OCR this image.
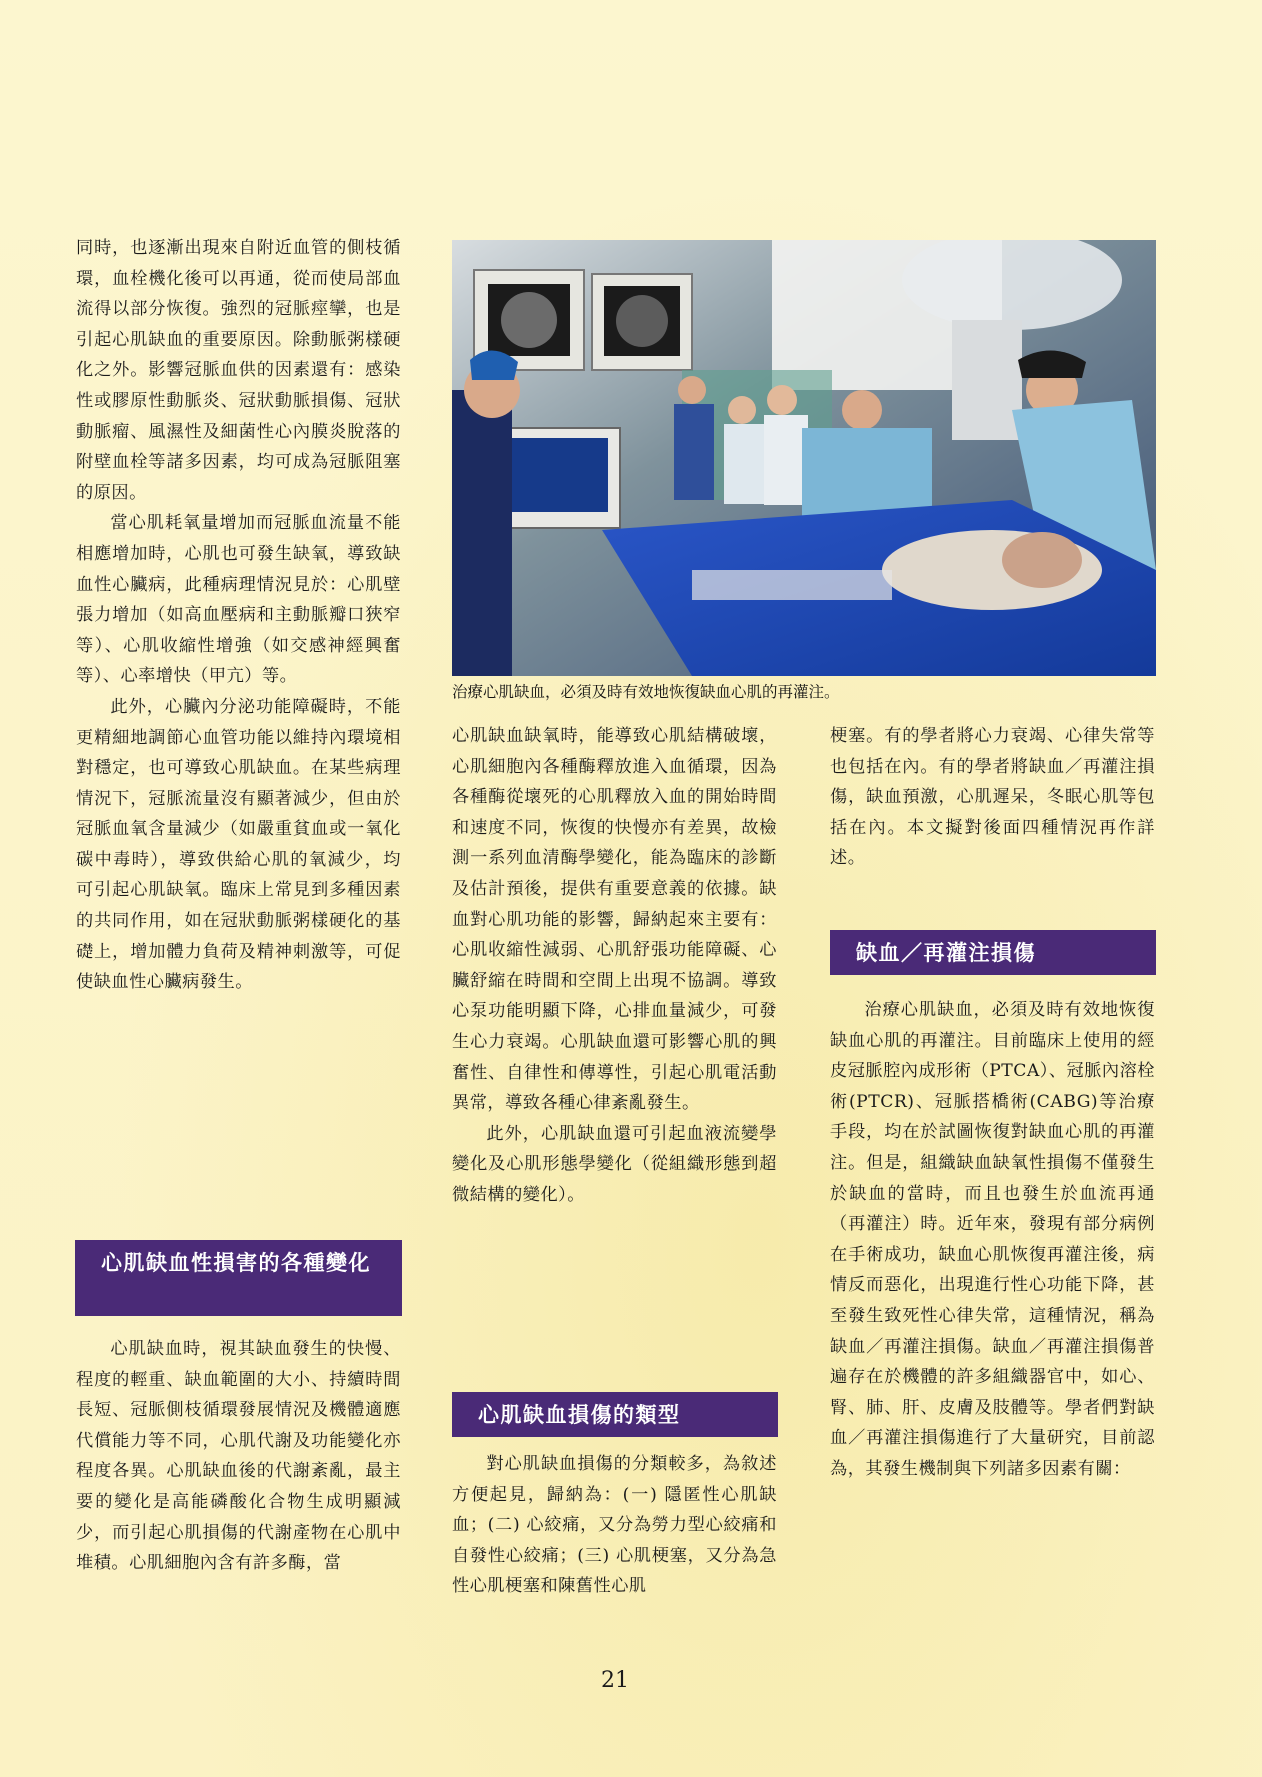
同時，也逐漸出現來自附近血管的側枝循環，血栓機化後可以再通，從而使局部血流得以部分恢復。強烈的冠脈痙攣，也是引起心肌缺血的重要原因。除動脈粥樣硬化之外。影響冠脈血供的因素還有：感染性或膠原性動脈炎、冠狀動脈損傷、冠狀動脈瘤、風濕性及細菌性心內膜炎脫落的附壁血栓等諸多因素，均可成為冠脈阻塞的原因。

當心肌耗氧量增加而冠脈血流量不能相應增加時，心肌也可發生缺氧，導致缺血性心臟病，此種病理情況見於：心肌壁張力增加（如高血壓病和主動脈瓣口狹窄等）、心肌收縮性增強（如交感神經興奮等）、心率增快（甲亢）等。

此外，心臟內分泌功能障礙時，不能更精細地調節心血管功能以維持內環境相對穩定，也可導致心肌缺血。在某些病理情況下，冠脈流量沒有顯著減少，但由於冠脈血氧含量減少（如嚴重貧血或一氧化碳中毒時），導致供給心肌的氧減少，均可引起心肌缺氧。臨床上常見到多種因素的共同作用，如在冠狀動脈粥樣硬化的基礎上，增加體力負荷及精神刺激等，可促使缺血性心臟病發生。

心肌缺血性損害的各種變化

心肌缺血時，視其缺血發生的快慢、程度的輕重、缺血範圍的大小、持續時間長短、冠脈側枝循環發展情況及機體適應代償能力等不同，心肌代謝及功能變化亦程度各異。心肌缺血後的代謝紊亂，最主要的變化是高能磷酸化合物生成明顯減少，而引起心肌損傷的代謝產物在心肌中堆積。心肌細胞內含有許多酶，當

治療心肌缺血，必須及時有效地恢復缺血心肌的再灌注。

心肌缺血缺氧時，能導致心肌結構破壞，心肌細胞內各種酶釋放進入血循環，因為各種酶從壞死的心肌釋放入血的開始時間和速度不同，恢復的快慢亦有差異，故檢測一系列血清酶學變化，能為臨床的診斷及估計預後，提供有重要意義的依據。缺血對心肌功能的影響，歸納起來主要有：心肌收縮性減弱、心肌舒張功能障礙、心臟舒縮在時間和空間上出現不協調。導致心泵功能明顯下降，心排血量減少，可發生心力衰竭。心肌缺血還可影響心肌的興奮性、自律性和傳導性，引起心肌電活動異常，導致各種心律紊亂發生。

此外，心肌缺血還可引起血液流變學變化及心肌形態學變化（從組織形態到超微結構的變化）。

心肌缺血損傷的類型

對心肌缺血損傷的分類較多，為敘述方便起見，歸納為：(一) 隱匿性心肌缺血；(二) 心絞痛，又分為勞力型心絞痛和自發性心絞痛；(三) 心肌梗塞，又分為急性心肌梗塞和陳舊性心肌

梗塞。有的學者將心力衰竭、心律失常等也包括在內。有的學者將缺血／再灌注損傷，缺血預激，心肌遲呆，冬眠心肌等包括在內。本文擬對後面四種情況再作詳述。

缺血／再灌注損傷

治療心肌缺血，必須及時有效地恢復缺血心肌的再灌注。目前臨床上使用的經皮冠脈腔內成形術（PTCA）、冠脈內溶栓術(PTCR)、冠脈搭橋術(CABG)等治療手段，均在於試圖恢復對缺血心肌的再灌注。但是，組織缺血缺氧性損傷不僅發生於缺血的當時，而且也發生於血流再通（再灌注）時。近年來，發現有部分病例在手術成功，缺血心肌恢復再灌注後，病情反而惡化，出現進行性心功能下降，甚至發生致死性心律失常，這種情況，稱為缺血／再灌注損傷。缺血／再灌注損傷普遍存在於機體的許多組織器官中，如心、腎、肺、肝、皮膚及肢體等。學者們對缺血／再灌注損傷進行了大量研究，目前認為，其發生機制與下列諸多因素有關：

21
